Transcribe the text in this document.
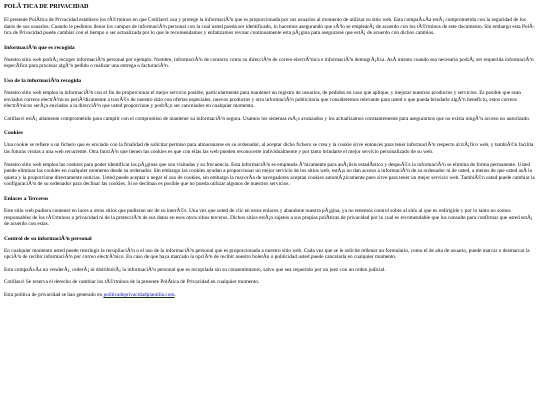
POLÃ TICA DE PRIVACIDAD

El presente PolÃtica de Privacidad establece los tÃ©rminos en que Cotillasvi usa y protege la informaciÃ³n que es proporcionada por sus usuarios al momento de utilizar su sitio web. Esta compaÃ±Ãa estÃ¡ comprometida con la seguridad de los datos de sus usuarios. Cuando le pedimos llenar los campos de informaciÃ³n personal con la cual usted pueda ser identificado, lo hacemos asegurando que sÃ³lo se emplearÃ¡ de acuerdo con los tÃ©rminos de este documento. Sin embargo esta PolÃtica de Privacidad puede cambiar con el tiempo o ser actualizada por lo que le recomendamos y enfatizamos revisar continuamente esta pÃ¡gina para asegurarse que estÃ¡ de acuerdo con dichos cambios.

InformaciÃ³n que es recogida

Nuestro sitio web podrÃ¡ recoger informaciÃ³n personal por ejemplo: Nombre, informaciÃ³n de contacto como su direcciÃ³n de correo electrÃ³nica e informaciÃ³n demogrÃ¡fica. AsÃ mismo cuando sea necesario podrÃ¡ ser requerida informaciÃ³n especÃfica para procesar algÃºn pedido o realizar una entrega o facturaciÃ³n.

Uso de la informaciÃ³n recogida

Nuestro sitio web emplea la informaciÃ³n con el fin de proporcionar el mejor servicio posible, particularmente para mantener un registro de usuarios, de pedidos en caso que aplique, y mejorar nuestros productos y servicios. Es posible que sean enviados correos electrÃ³nicos periÃ³dicamente a travÃ©s de nuestro sitio con ofertas especiales, nuevos productos y otra informaciÃ³n publicitaria que consideremos relevante para usted o que pueda brindarle algÃºn beneficio, estos correos electrÃ³nicos serÃ¡n enviados a la direcciÃ³n que usted proporcione y podrÃ¡n ser cancelados en cualquier momento.

Cotillasvi estÃ¡ altamente comprometido para cumplir con el compromiso de mantener su informaciÃ³n segura. Usamos los sistemas mÃ¡s avanzados y los actualizamos constantemente para asegurarnos que no exista ningÃºn acceso no autorizado.

Cookies

Una cookie se refiere a un fichero que es enviado con la finalidad de solicitar permiso para almacenarse en su ordenador, al aceptar dicho fichero se crea y la cookie sirve entonces para tener informaciÃ³n respecto al trÃ¡fico web, y tambiÃ©n facilita las futuras visitas a una web recurrente. Otra funciÃ³n que tienen las cookies es que con ellas las web pueden reconocerte individualmente y por tanto brindarte el mejor servicio personalizado de su web.

Nuestro sitio web emplea las cookies para poder identificar las pÃ¡ginas que son visitadas y su frecuencia. Esta informaciÃ³n es empleada Ãºnicamente para anÃ¡lisis estadÃstico y despuÃ©s la informaciÃ³n se elimina de forma permanente. Usted puede eliminar las cookies en cualquier momento desde su ordenador. Sin embargo las cookies ayudan a proporcionar un mejor servicio de los sitios web, estÃ¡s no dan acceso a informaciÃ³n de su ordenador ni de usted, a menos de que usted asÃ lo quiera y la proporcione directamente noticias. Usted puede aceptar o negar el uso de cookies, sin embargo la mayorÃa de navegadores aceptan cookies automÃ¡ticamente pues sirve para tener un mejor servicio web. TambiÃ©n usted puede cambiar la configuraciÃ³n de su ordenador para declinar las cookies. Si se declinan es posible que no pueda utilizar algunos de nuestros servicios.

Enlaces a Terceros

Este sitio web pudiera contener en laces a otros sitios que pudieran ser de su interÃ©s. Una vez que usted de clic en estos enlaces y abandone nuestra pÃ¡gina, ya no tenemos control sobre al sitio al que es redirigido y por lo tanto no somos responsables de los tÃ©rminos o privacidad ni de la protecciÃ³n de sus datos en esos otros sitios terceros. Dichos sitios estÃ¡n sujetos a sus propias polÃticas de privacidad por lo cual es recomendable que los consulte para confirmar que usted estÃ¡ de acuerdo con estas.

Control de su informaciÃ³n personal

En cualquier momento usted puede restringir la recopilaciÃ³n o el uso de la informaciÃ³n personal que es proporcionada a nuestro sitio web. Cada vez que se le solicite rellenar un formulario, como el de alta de usuario, puede marcar o desmarcar la opciÃ³n de recibir informaciÃ³n por correo electrÃ³nico. En caso de que haya marcado la opciÃ³n de recibir nuestro boletÃn o publicidad usted puede cancelarla en cualquier momento.

Esta compaÃ±Ãa no venderÃ¡, cederÃ¡ ni distribuirÃ¡ la informaciÃ³n personal que es recopilada sin su consentimiento, salvo que sea requerido por un juez con un orden judicial.

Cotillasvi Se reserva el derecho de cambiar los tÃ©rminos de la presente PolÃtica de Privacidad en cualquier momento.

Esta politica de privacidad se han generado en politicadeprivacidadplantilla.com.
